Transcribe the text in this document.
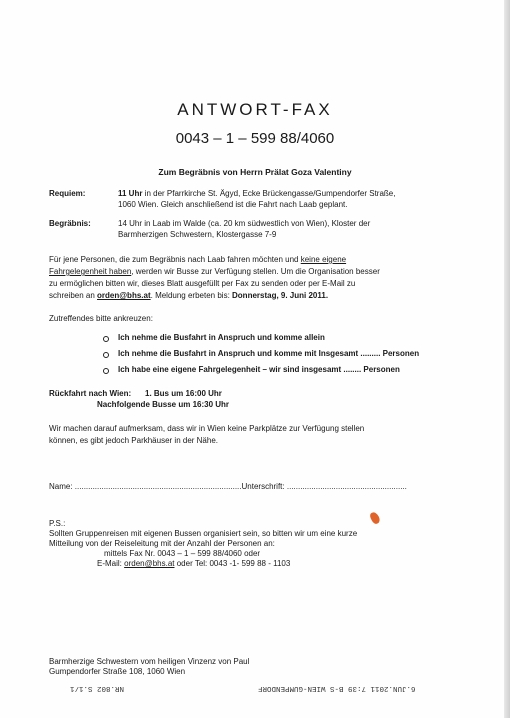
ANTWORT-FAX
0043 – 1 – 599 88/4060
Zum Begräbnis von Herrn Prälat Goza Valentiny
Requiem:	11 Uhr in der Pfarrkirche St. Ägyd, Ecke Brückengasse/Gumpendorfer Straße,
1060 Wien. Gleich anschließend ist die Fahrt nach Laab geplant.
Begräbnis:	14 Uhr in Laab im Walde (ca. 20 km südwestlich von Wien), Kloster der
Barmherzigen Schwestern, Klostergasse 7-9
Für jene Personen, die zum Begräbnis nach Laab fahren möchten und keine eigene
Fahrgelegenheit haben, werden wir Busse zur Verfügung stellen. Um die Organisation besser
zu ermöglichen bitten wir, dieses Blatt ausgefüllt per Fax zu senden oder per E-Mail zu
schreiben an orden@bhs.at. Meldung erbeten bis: Donnerstag, 9. Juni 2011.
Zutreffendes bitte ankreuzen:
Ich nehme die Busfahrt in Anspruch und komme allein
Ich nehme die Busfahrt in Anspruch und komme mit Insgesamt ......... Personen
Ich habe eine eigene Fahrgelegenheit – wir sind insgesamt ........ Personen
Rückfahrt nach Wien: 1. Bus um 16:00 Uhr
Nachfolgende Busse um 16:30 Uhr
Wir machen darauf aufmerksam, dass wir in Wien keine Parkplätze zur Verfügung stellen
können, es gibt jedoch Parkhäuser in der Nähe.
Name: ...........................................................................Unterschrift: ......................................................
P.S.:
Sollten Gruppenreisen mit eigenen Bussen organisiert sein, so bitten wir um eine kurze
Mitteilung von der Reiseleitung mit der Anzahl der Personen an:
mittels Fax Nr. 0043 – 1 – 599 88/4060 oder
E-Mail: orden@bhs.at oder Tel: 0043 -1- 599 88 - 1103
Barmherzige Schwestern vom heiligen Vinzenz von Paul
Gumpendorfer Straße 108, 1060 Wien
NR.802 S.1/1	6.JUN.2011 7:39 B-S WIEN-GUMPENDORF
